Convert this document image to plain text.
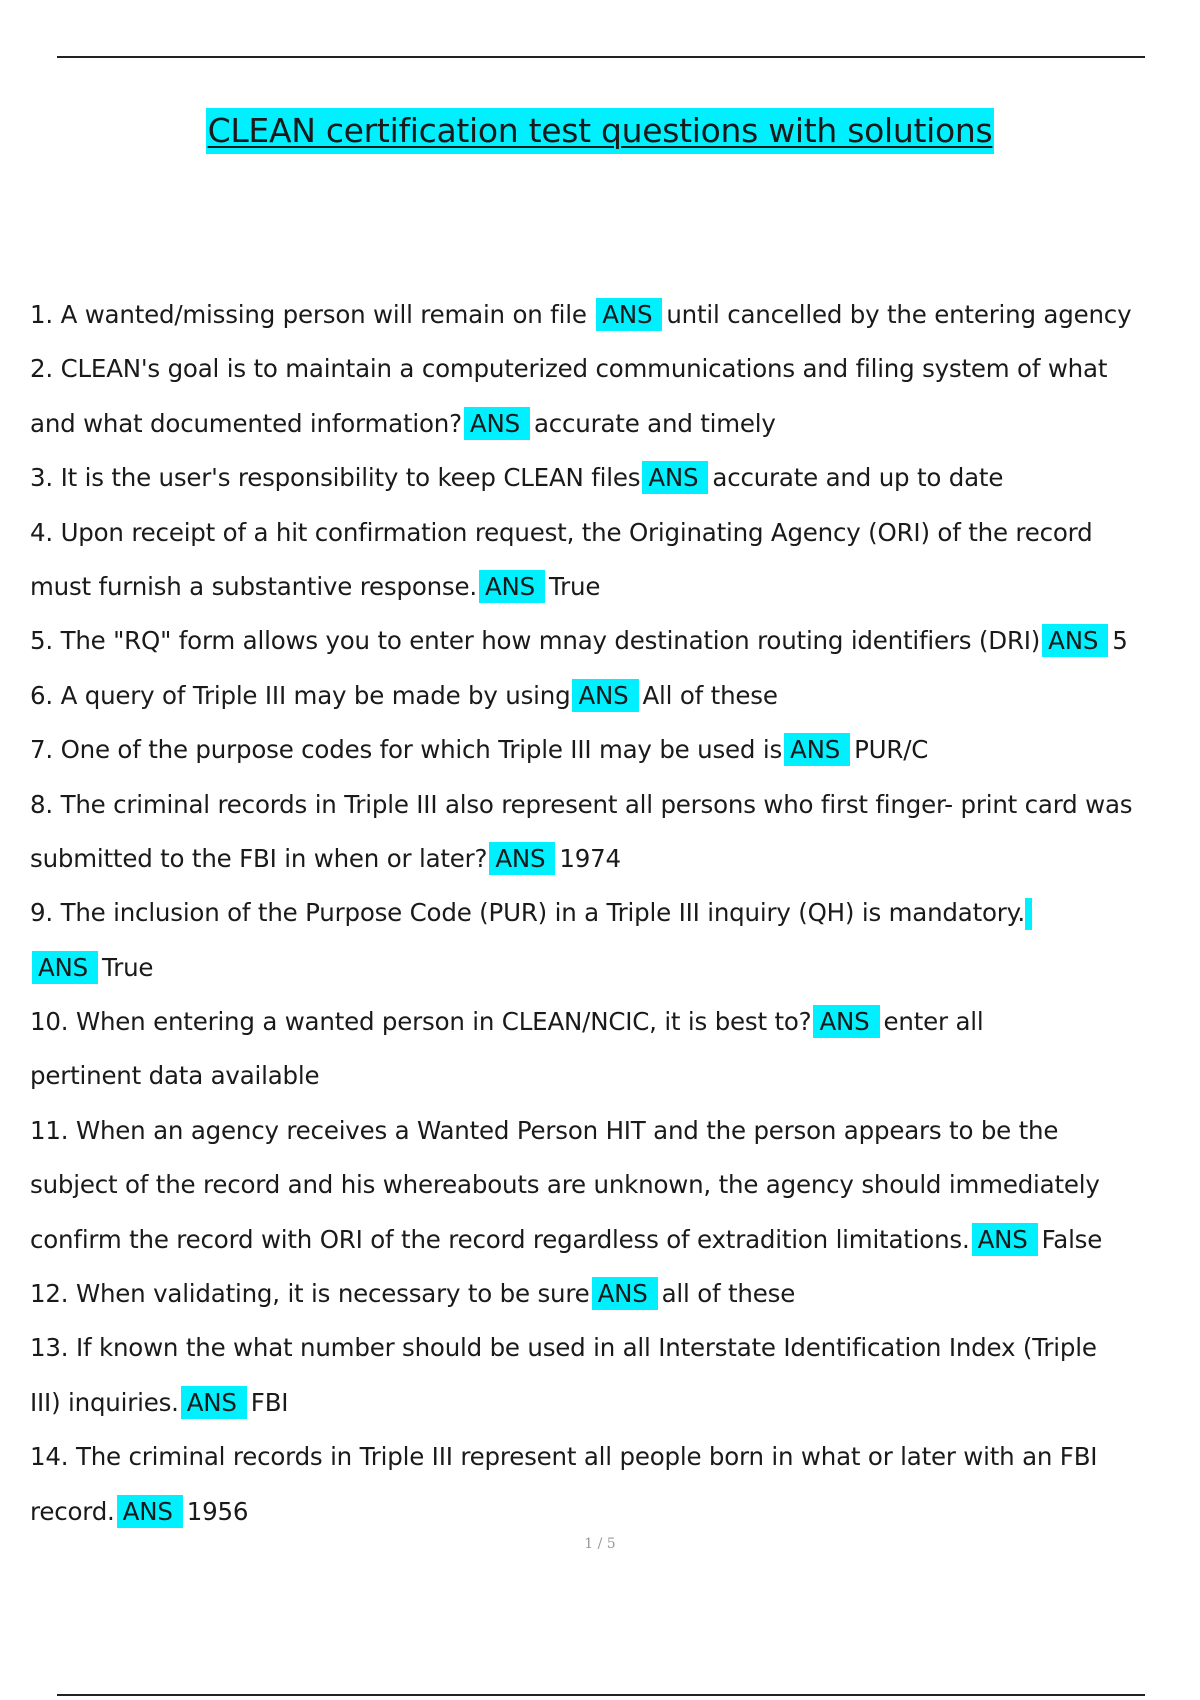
CLEAN certification test questions with solutions
1. A wanted/missing person will remain on file ANS until cancelled by the entering agency
2. CLEAN's goal is to maintain a computerized communications and filing system of what
and what documented information? ANS accurate and timely
3. It is the user's responsibility to keep CLEAN files ANS accurate and up to date
4. Upon receipt of a hit confirmation request, the Originating Agency (ORI) of the record
must furnish a substantive response. ANS True
5. The "RQ" form allows you to enter how mnay destination routing identifiers (DRI) ANS 5
6. A query of Triple III may be made by using ANS All of these
7. One of the purpose codes for which Triple III may be used is ANS PUR/C
8. The criminal records in Triple III also represent all persons who first finger- print card was
submitted to the FBI in when or later? ANS 1974
9. The inclusion of the Purpose Code (PUR) in a Triple III inquiry (QH) is mandatory.
ANS True
10. When entering a wanted person in CLEAN/NCIC, it is best to? ANS enter all
pertinent data available
11. When an agency receives a Wanted Person HIT and the person appears to be the
subject of the record and his whereabouts are unknown, the agency should immediately
confirm the record with ORI of the record regardless of extradition limitations. ANS False
12. When validating, it is necessary to be sure ANS all of these
13. If known the what number should be used in all Interstate Identification Index (Triple
III) inquiries. ANS FBI
14. The criminal records in Triple III represent all people born in what or later with an FBI
record. ANS 1956
1 / 5
